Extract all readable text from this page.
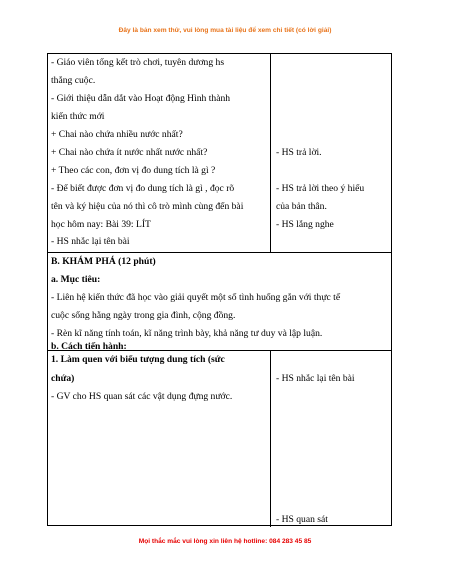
Đây là bản xem thử, vui lòng mua tài liệu để xem chi tiết (có lời giải)
- Giáo viên tổng kết trò chơi, tuyên dương hs
thắng cuộc.
- Giới thiệu dẫn dắt vào Hoạt động Hình thành
kiến thức mới
+ Chai nào chứa nhiều nước nhất?
+ Chai nào chứa ít nước nhất nước nhất?
+ Theo các con, đơn vị đo dung tích là gì ?
- Để biết được đơn vị đo dung tích là gì , đọc rõ
tên và ký hiệu của nó thì cô trò mình cùng đến bài
học hôm nay: Bài 39: LÍT
- HS nhắc lại tên bài
- HS trả lời.
- HS trả lời theo ý hiểu
của bản thân.
- HS lắng nghe
B. KHÁM PHÁ (12 phút)
a. Mục tiêu:
- Liên hệ kiến thức đã học vào giải quyết một số tình huống gắn với thực tế
cuộc sống hằng ngày trong gia đình, cộng đồng.
- Rèn kĩ năng tính toán, kĩ năng trình bày, khả năng tư duy và lập luận.
b. Cách tiến hành:
1. Làm quen với biểu tượng dung tích (sức
chứa)
- GV cho HS quan sát các vật dụng đựng nước.
- HS nhắc lại tên bài
- HS quan sát
Mọi thắc mắc vui lòng xin liên hệ hotline: 084 283 45 85
